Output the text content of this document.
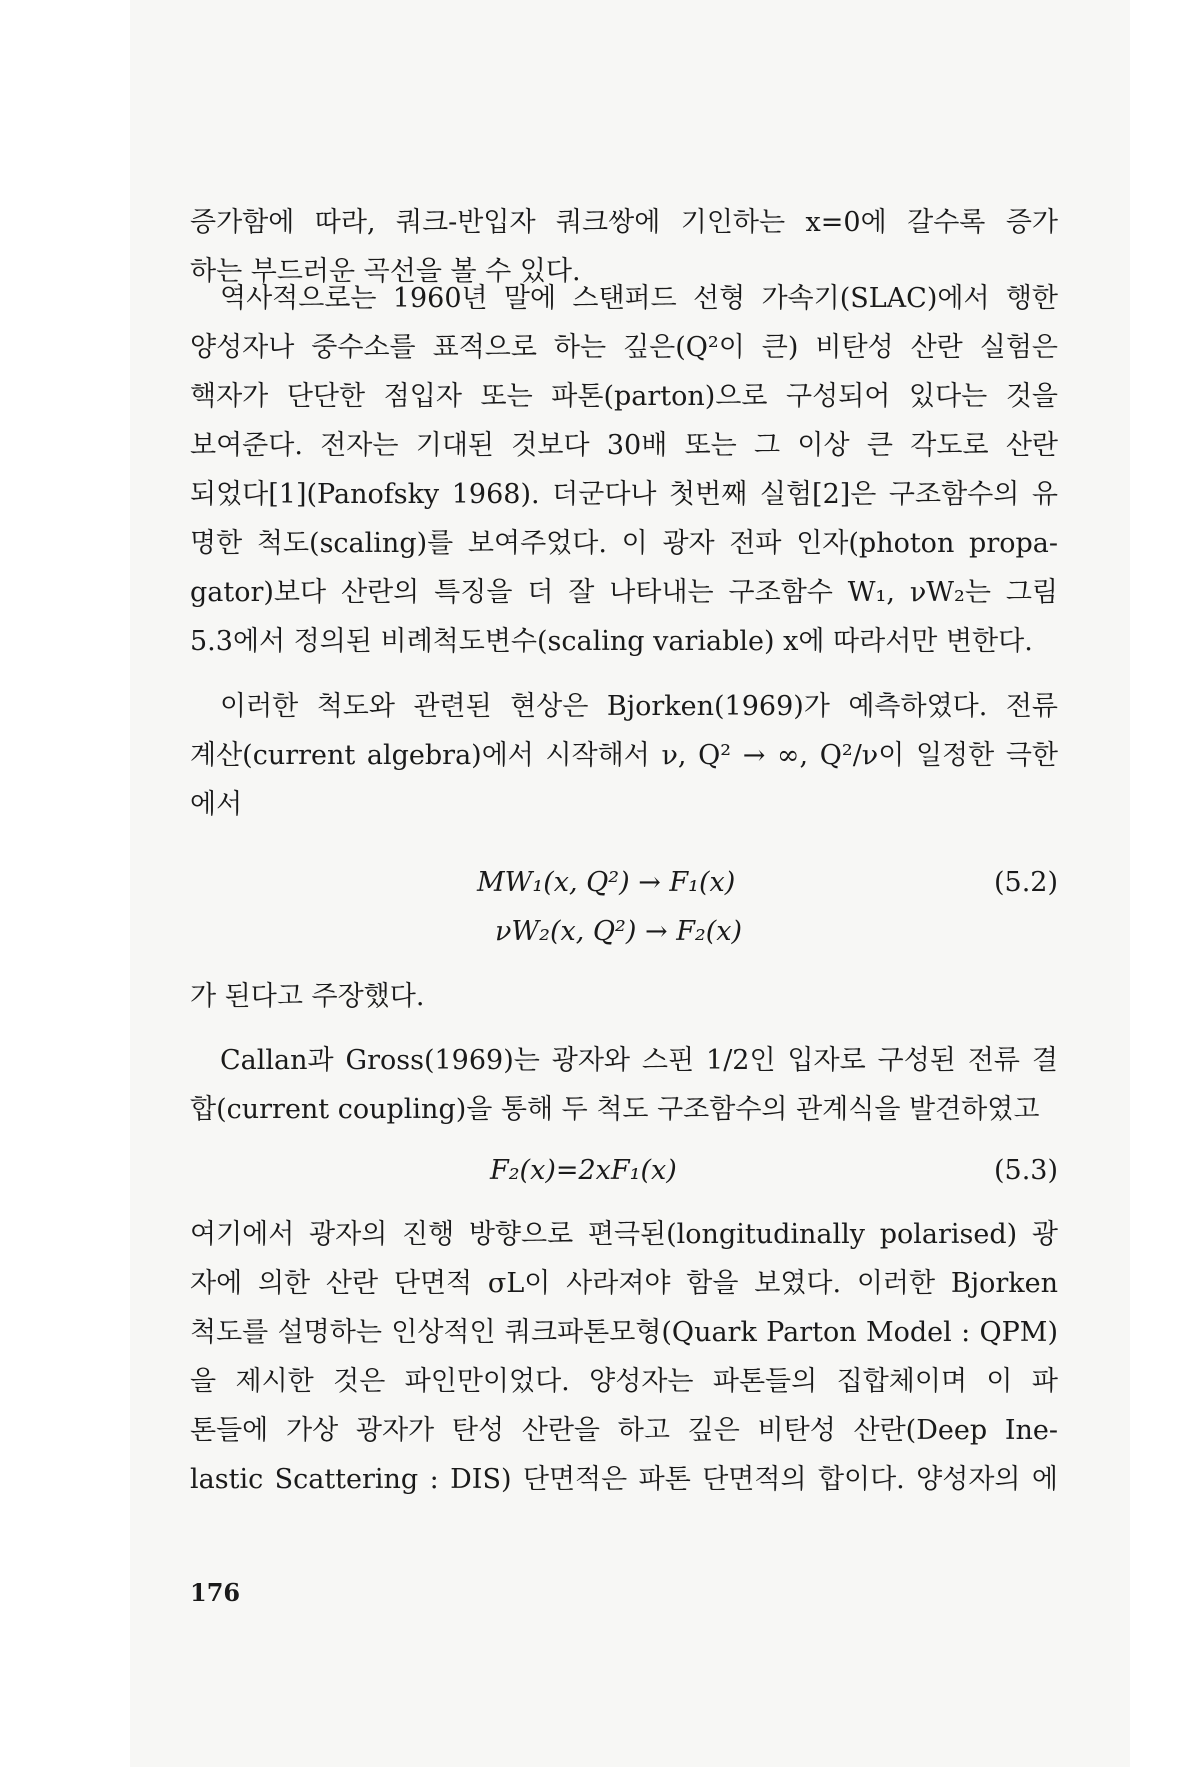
증가함에 따라, 쿼크-반입자 쿼크쌍에 기인하는 x=0에 갈수록 증가

하는 부드러운 곡선을 볼 수 있다.

역사적으로는 1960년 말에 스탠퍼드 선형 가속기(SLAC)에서 행한

양성자나 중수소를 표적으로 하는 깊은(Q²이 큰) 비탄성 산란 실험은

핵자가 단단한 점입자 또는 파톤(parton)으로 구성되어 있다는 것을

보여준다. 전자는 기대된 것보다 30배 또는 그 이상 큰 각도로 산란

되었다[1](Panofsky 1968). 더군다나 첫번째 실험[2]은 구조함수의 유

명한 척도(scaling)를 보여주었다. 이 광자 전파 인자(photon propa-

gator)보다 산란의 특징을 더 잘 나타내는 구조함수 W₁, νW₂는 그림

5.3에서 정의된 비례척도변수(scaling variable) x에 따라서만 변한다.

이러한 척도와 관련된 현상은 Bjorken(1969)가 예측하였다. 전류

계산(current algebra)에서 시작해서 ν, Q² → ∞, Q²/ν이 일정한 극한

에서

MW₁(x, Q²) → F₁(x)	(5.2)
νW₂(x, Q²) → F₂(x)

가 된다고 주장했다.

Callan과 Gross(1969)는 광자와 스핀 1/2인 입자로 구성된 전류 결

합(current coupling)을 통해 두 척도 구조함수의 관계식을 발견하였고

F₂(x)=2xF₁(x)	(5.3)

여기에서 광자의 진행 방향으로 편극된(longitudinally polarised) 광

자에 의한 산란 단면적 σL이 사라져야 함을 보였다. 이러한 Bjorken

척도를 설명하는 인상적인 쿼크파톤모형(Quark Parton Model : QPM)

을 제시한 것은 파인만이었다. 양성자는 파톤들의 집합체이며 이 파

톤들에 가상 광자가 탄성 산란을 하고 깊은 비탄성 산란(Deep Ine-

lastic Scattering : DIS) 단면적은 파톤 단면적의 합이다. 양성자의 에

176
